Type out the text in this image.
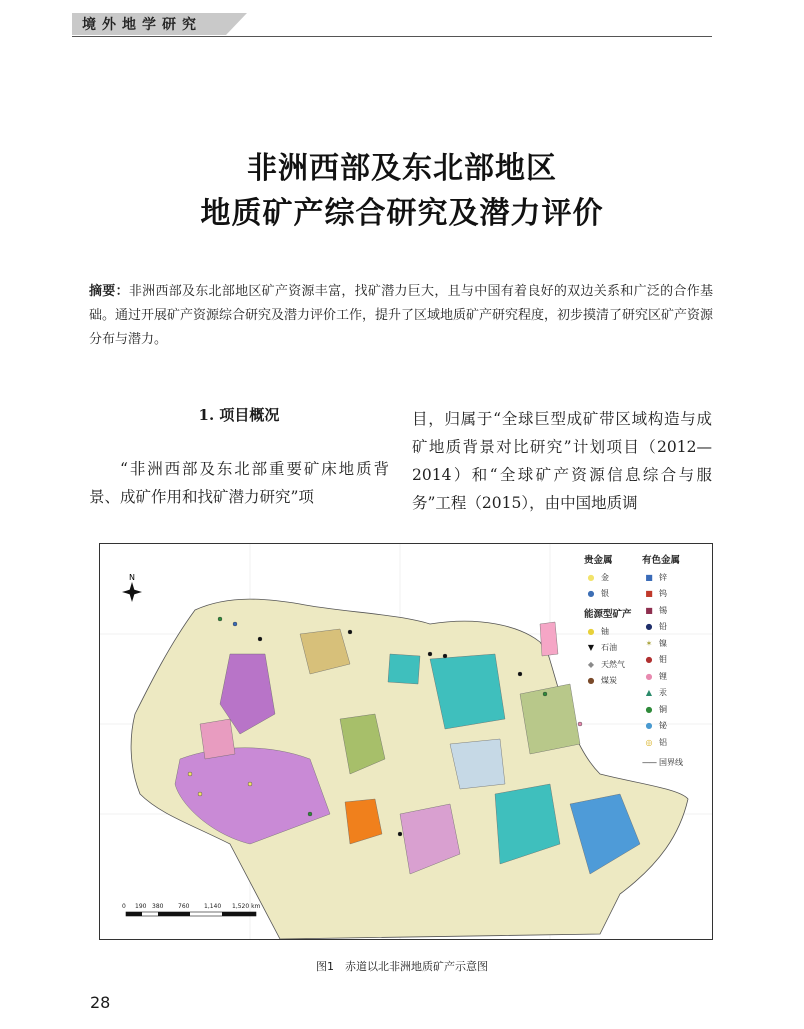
境外地学研究
非洲西部及东北部地区
地质矿产综合研究及潜力评价
摘要：非洲西部及东北部地区矿产资源丰富，找矿潜力巨大，且与中国有着良好的双边关系和广泛的合作基础。通过开展矿产资源综合研究及潜力评价工作，提升了区域地质矿产研究程度，初步摸清了研究区矿产资源分布与潜力。
1. 项目概况
“非洲西部及东北部重要矿床地质背景、成矿作用和找矿潜力研究”项
目，归属于“全球巨型成矿带区域构造与成矿地质背景对比研究”计划项目（2012—2014）和“全球矿产资源信息综合与服务”工程（2015），由中国地质调
N
0 190 380 760 1,140 1,520 km
贵金属
● 金
● 银
能源型矿产
● 铀
▼ 石油
◆ 天然气
● 煤炭
有色金属
■ 锌
■ 钨
■ 锡
● 铅
✶ 镍
● 钼
● 锂
▲ 汞
● 铜
● 铋
◎ 铝
—— 国界线
图1　赤道以北非洲地质矿产示意图
28
